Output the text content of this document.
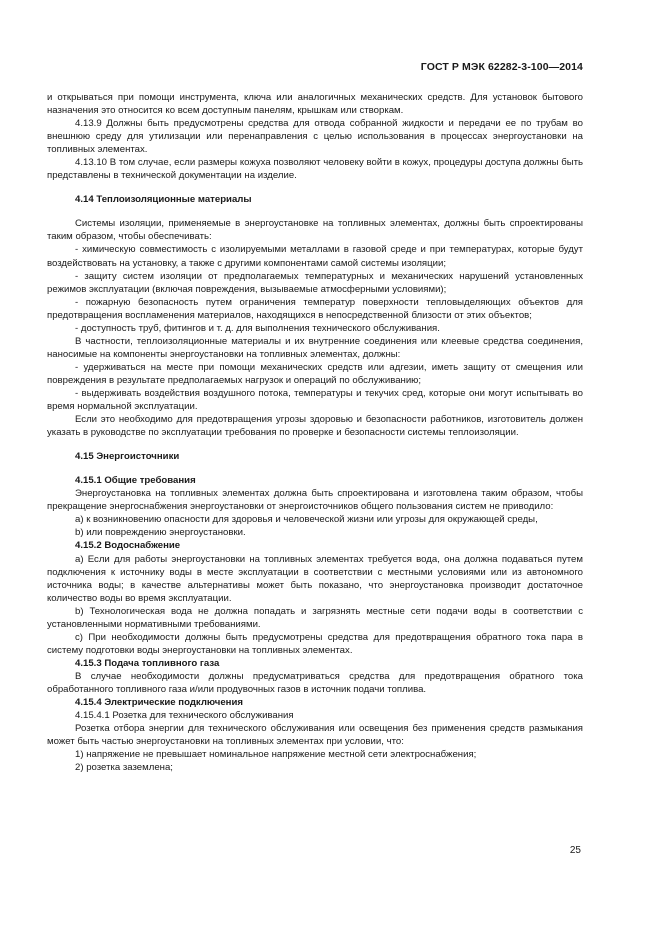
ГОСТ Р МЭК 62282-3-100—2014

и открываться при помощи инструмента, ключа или аналогичных механических средств. Для установок бытового назначения это относится ко всем доступным панелям, крышкам или створкам.

4.13.9 Должны быть предусмотрены средства для отвода собранной жидкости и передачи ее по трубам во внешнюю среду для утилизации или перенаправления с целью использования в процессах энергоустановки на топливных элементах.

4.13.10 В том случае, если размеры кожуха позволяют человеку войти в кожух, процедуры доступа должны быть представлены в технической документации на изделие.

4.14 Теплоизоляционные материалы

Системы изоляции, применяемые в энергоустановке на топливных элементах, должны быть спроектированы таким образом, чтобы обеспечивать:

- химическую совместимость с изолируемыми металлами в газовой среде и при температурах, которые будут воздействовать на установку, а также с другими компонентами самой системы изоляции;

- защиту систем изоляции от предполагаемых температурных и механических нарушений установленных режимов эксплуатации (включая повреждения, вызываемые атмосферными условиями);

- пожарную безопасность путем ограничения температур поверхности тепловыделяющих объектов для предотвращения воспламенения материалов, находящихся в непосредственной близости от этих объектов;

- доступность труб, фитингов и т. д. для выполнения технического обслуживания.

В частности, теплоизоляционные материалы и их внутренние соединения или клеевые средства соединения, наносимые на компоненты энергоустановки на топливных элементах, должны:

- удерживаться на месте при помощи механических средств или адгезии, иметь защиту от смещения или повреждения в результате предполагаемых нагрузок и операций по обслуживанию;

- выдерживать воздействия воздушного потока, температуры и текучих сред, которые они могут испытывать во время нормальной эксплуатации.

Если это необходимо для предотвращения угрозы здоровью и безопасности работников, изготовитель должен указать в руководстве по эксплуатации требования по проверке и безопасности системы теплоизоляции.

4.15 Энергоисточники

4.15.1 Общие требования

Энергоустановка на топливных элементах должна быть спроектирована и изготовлена таким образом, чтобы прекращение энергоснабжения энергоустановки от энергоисточников общего пользования систем не приводило:

a) к возникновению опасности для здоровья и человеческой жизни или угрозы для окружающей среды,

b) или повреждению энергоустановки.

4.15.2 Водоснабжение

a) Если для работы энергоустановки на топливных элементах требуется вода, она должна подаваться путем подключения к источнику воды в месте эксплуатации в соответствии с местными условиями или из автономного источника воды; в качестве альтернативы может быть показано, что энергоустановка производит достаточное количество воды во время эксплуатации.

b) Технологическая вода не должна попадать и загрязнять местные сети подачи воды в соответствии с установленными нормативными требованиями.

c) При необходимости должны быть предусмотрены средства для предотвращения обратного тока пара в систему подготовки воды энергоустановки на топливных элементах.

4.15.3 Подача топливного газа

В случае необходимости должны предусматриваться средства для предотвращения обратного тока обработанного топливного газа и/или продувочных газов в источник подачи топлива.

4.15.4 Электрические подключения

4.15.4.1 Розетка для технического обслуживания

Розетка отбора энергии для технического обслуживания или освещения без применения средств размыкания может быть частью энергоустановки на топливных элементах при условии, что:

1) напряжение не превышает номинальное напряжение местной сети электроснабжения;

2) розетка заземлена;

25
